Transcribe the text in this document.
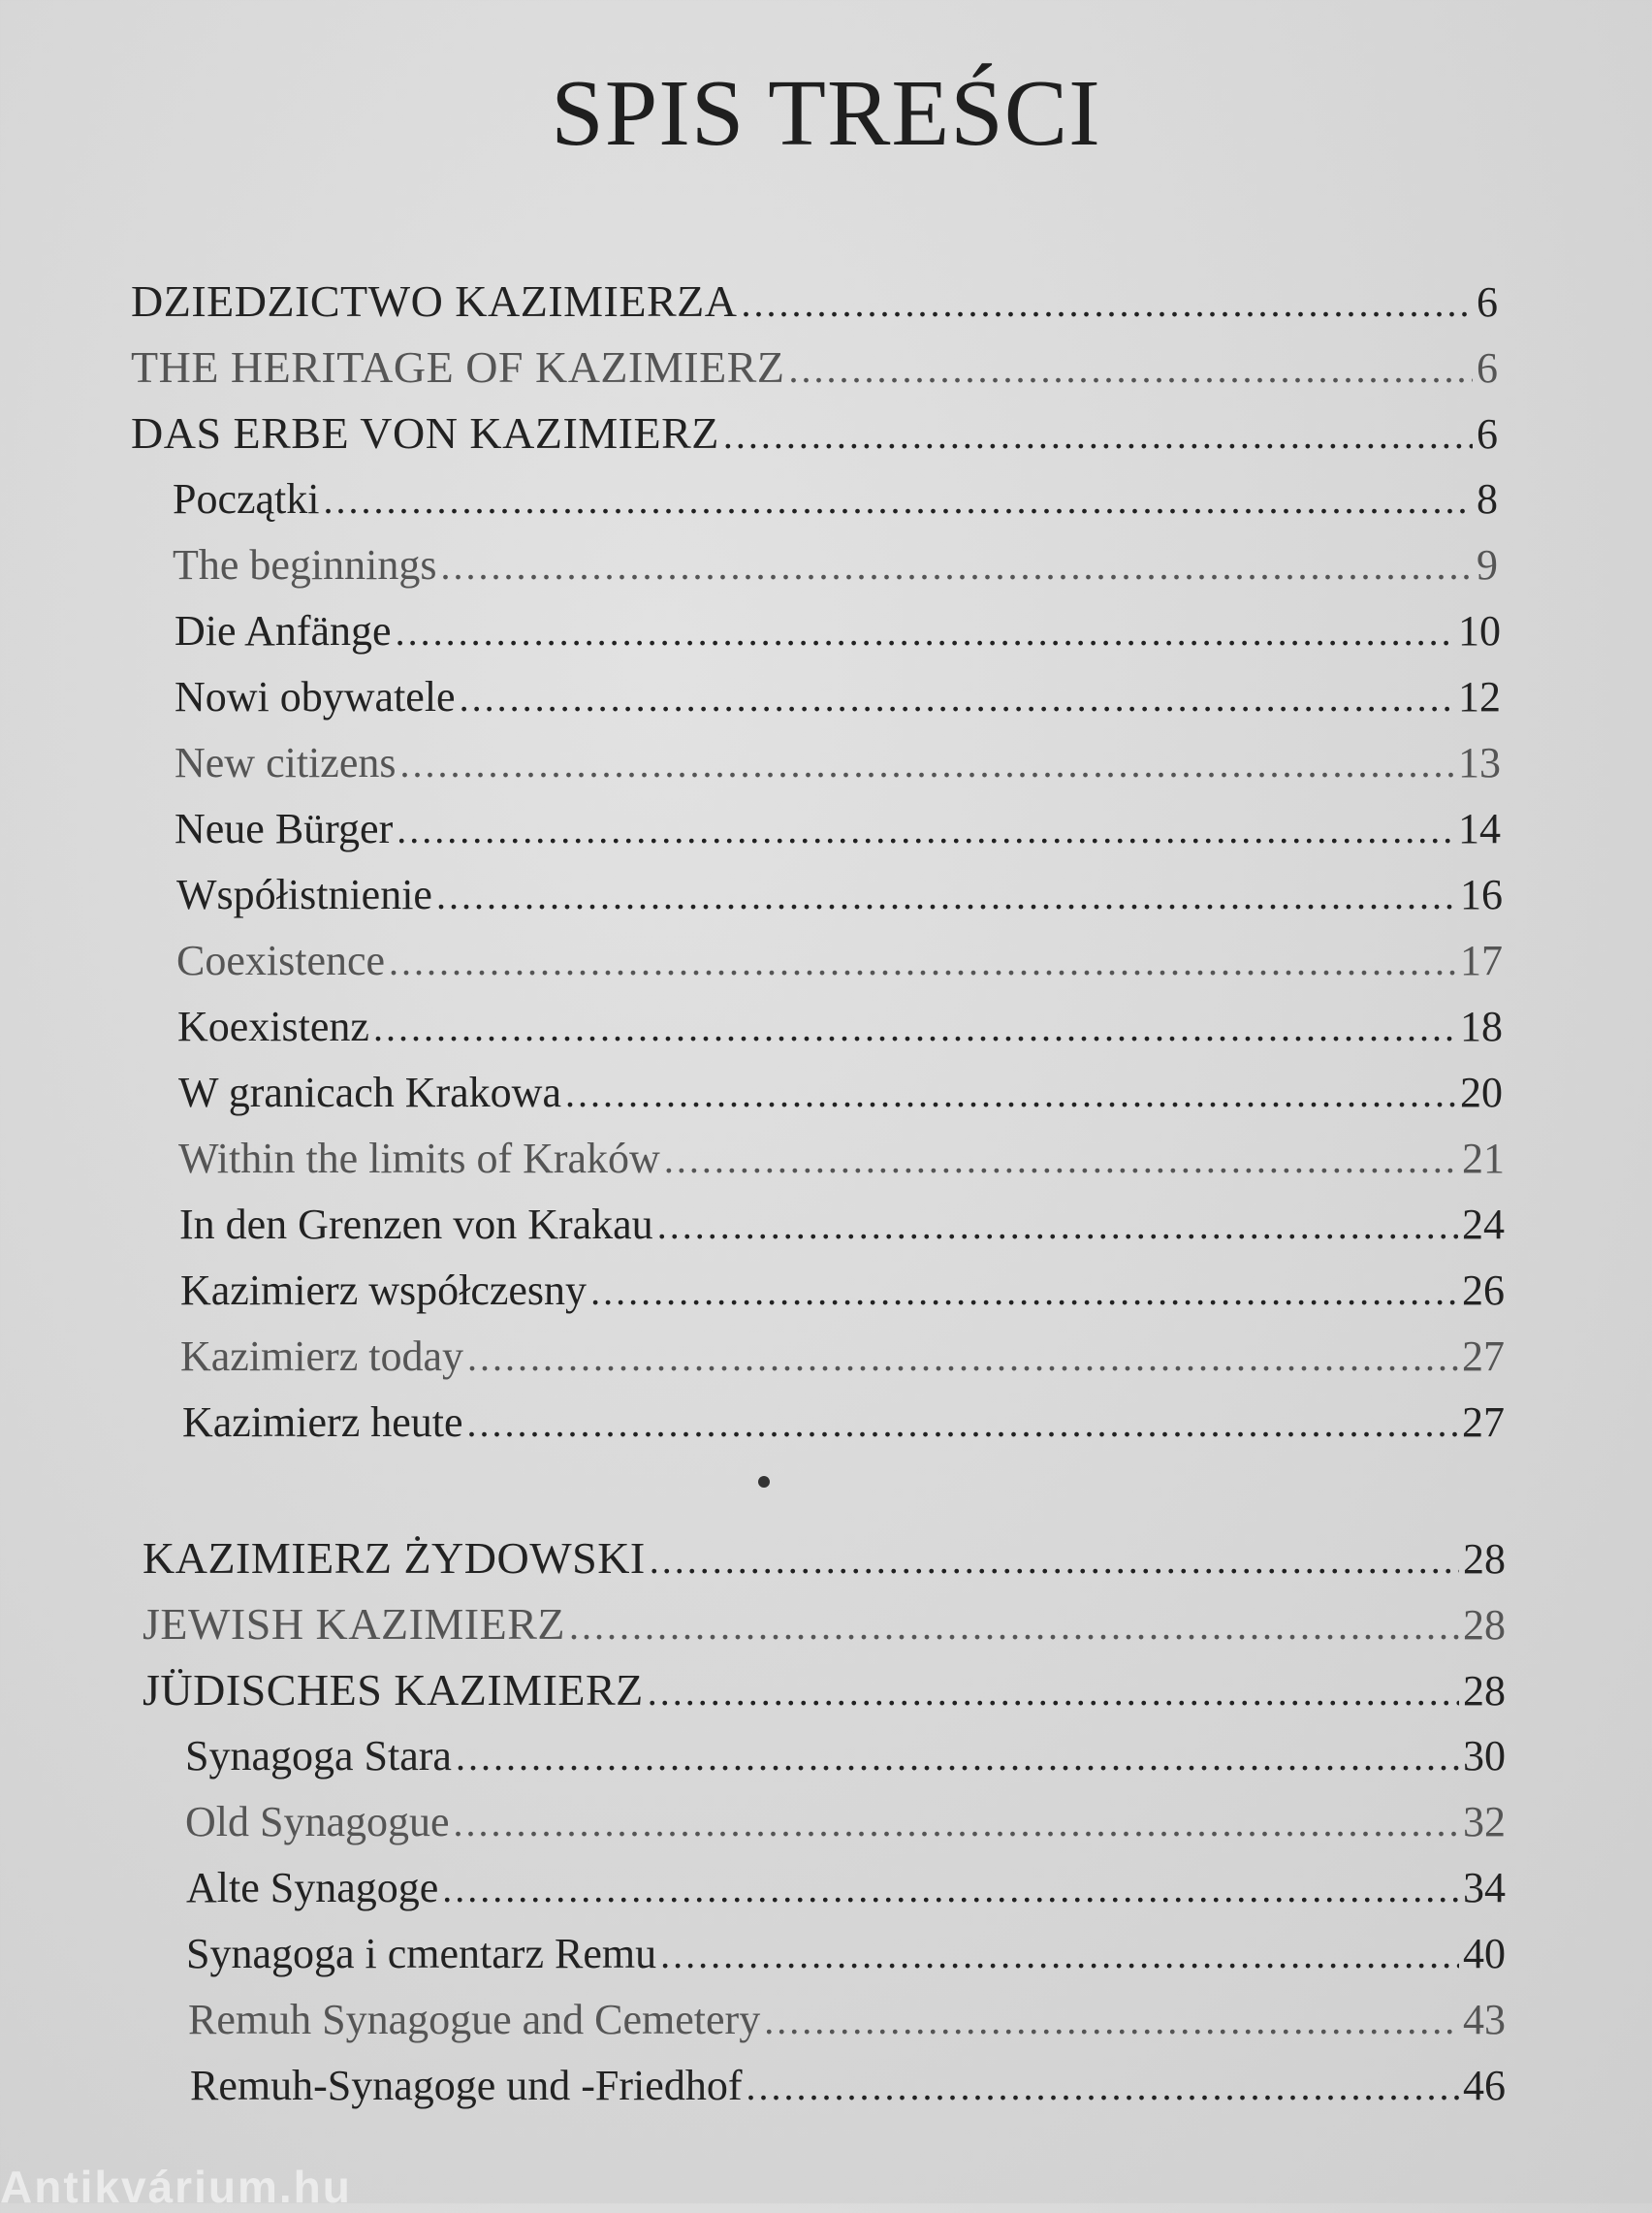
SPIS TREŚCI
DZIEDZICTWO KAZIMIERZA .....	6
THE HERITAGE OF KAZIMIERZ .....	6
DAS ERBE VON KAZIMIERZ .....	6
Początki .....	8
The beginnings .....	9
Die Anfänge .....	10
Nowi obywatele .....	12
New citizens .....	13
Neue Bürger .....	14
Współistnienie .....	16
Coexistence .....	17
Koexistenz .....	18
W granicach Krakowa .....	20
Within the limits of Kraków .....	21
In den Grenzen von Krakau .....	24
Kazimierz współczesny .....	26
Kazimierz today .....	27
Kazimierz heute .....	27
KAZIMIERZ ŻYDOWSKI .....	28
JEWISH KAZIMIERZ .....	28
JÜDISCHES KAZIMIERZ .....	28
Synagoga Stara .....	30
Old Synagogue .....	32
Alte Synagoge .....	34
Synagoga i cmentarz Remu .....	40
Remuh Synagogue and Cemetery .....	43
Remuh-Synagoge und -Friedhof .....	46
Antikvárium.hu
